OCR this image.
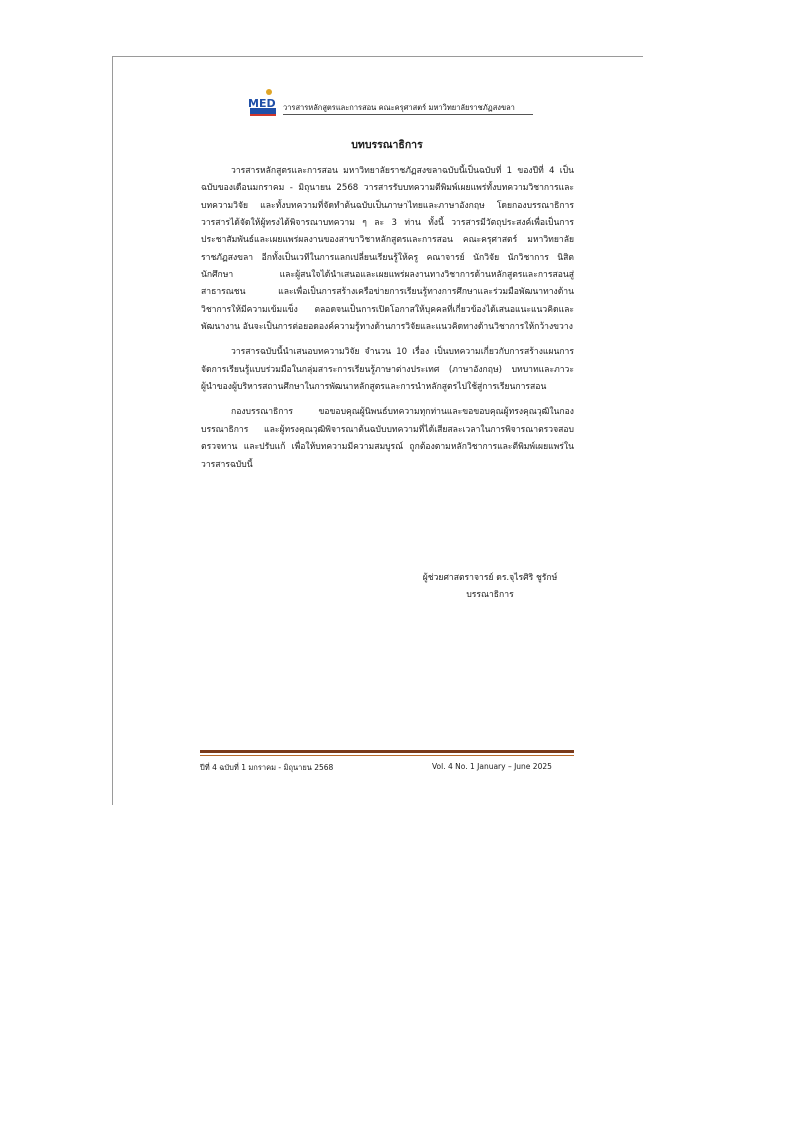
MED วารสารหลักสูตรและการสอน คณะครุศาสตร์ มหาวิทยาลัยราชภัฏสงขลา
บทบรรณาธิการ

วารสารหลักสูตรและการสอน มหาวิทยาลัยราชภัฏสงขลาฉบับนี้เป็นฉบับที่ 1 ของปีที่ 4 เป็นฉบับของเดือนมกราคม - มิถุนายน 2568 วารสารรับบทความตีพิมพ์เผยแพร่ทั้งบทความวิชาการและบทความวิจัย และทั้งบทความที่จัดทำต้นฉบับเป็นภาษาไทยและภาษาอังกฤษ โดยกองบรรณาธิการวารสารได้จัดให้ผู้ทรงได้พิจารณาบทความ ๆ ละ 3 ท่าน ทั้งนี้ วารสารมีวัตถุประสงค์เพื่อเป็นการประชาสัมพันธ์และเผยแพร่ผลงานของสาขาวิชาหลักสูตรและการสอน คณะครุศาสตร์ มหาวิทยาลัยราชภัฏสงขลา อีกทั้งเป็นเวทีในการแลกเปลี่ยนเรียนรู้ให้ครู คณาจารย์ นักวิจัย นักวิชาการ นิสิต นักศึกษา และผู้สนใจได้นำเสนอและเผยแพร่ผลงานทางวิชาการด้านหลักสูตรและการสอนสู่สาธารณชน และเพื่อเป็นการสร้างเครือข่ายการเรียนรู้ทางการศึกษาและร่วมมือพัฒนาทางด้านวิชาการให้มีความเข้มแข็ง ตลอดจนเป็นการเปิดโอกาสให้บุคคลที่เกี่ยวข้องได้เสนอแนะแนวคิดและพัฒนางาน อันจะเป็นการต่อยอดองค์ความรู้ทางด้านการวิจัยและแนวคิดทางด้านวิชาการให้กว้างขวาง

วารสารฉบับนี้นำเสนอบทความวิจัย จำนวน 10 เรื่อง เป็นบทความเกี่ยวกับการสร้างแผนการจัดการเรียนรู้แบบร่วมมือในกลุ่มสาระการเรียนรู้ภาษาต่างประเทศ (ภาษาอังกฤษ) บทบาทและภาวะผู้นำของผู้บริหารสถานศึกษาในการพัฒนาหลักสูตรและการนำหลักสูตรไปใช้สู่การเรียนการสอน

กองบรรณาธิการ ขอขอบคุณผู้นิพนธ์บทความทุกท่านและขอขอบคุณผู้ทรงคุณวุฒิในกองบรรณาธิการ และผู้ทรงคุณวุฒิพิจารณาต้นฉบับบทความที่ได้เสียสละเวลาในการพิจารณาตรวจสอบ ตรวจทาน และปรับแก้ เพื่อให้บทความมีความสมบูรณ์ ถูกต้องตามหลักวิชาการและตีพิมพ์เผยแพร่ในวารสารฉบับนี้

ผู้ช่วยศาสตราจารย์ ดร.จุไรศิริ ชูรักษ์
บรรณาธิการ
ปีที่ 4 ฉบับที่ 1 มกราคม - มิถุนายน 2568	Vol. 4 No. 1 January – June 2025
